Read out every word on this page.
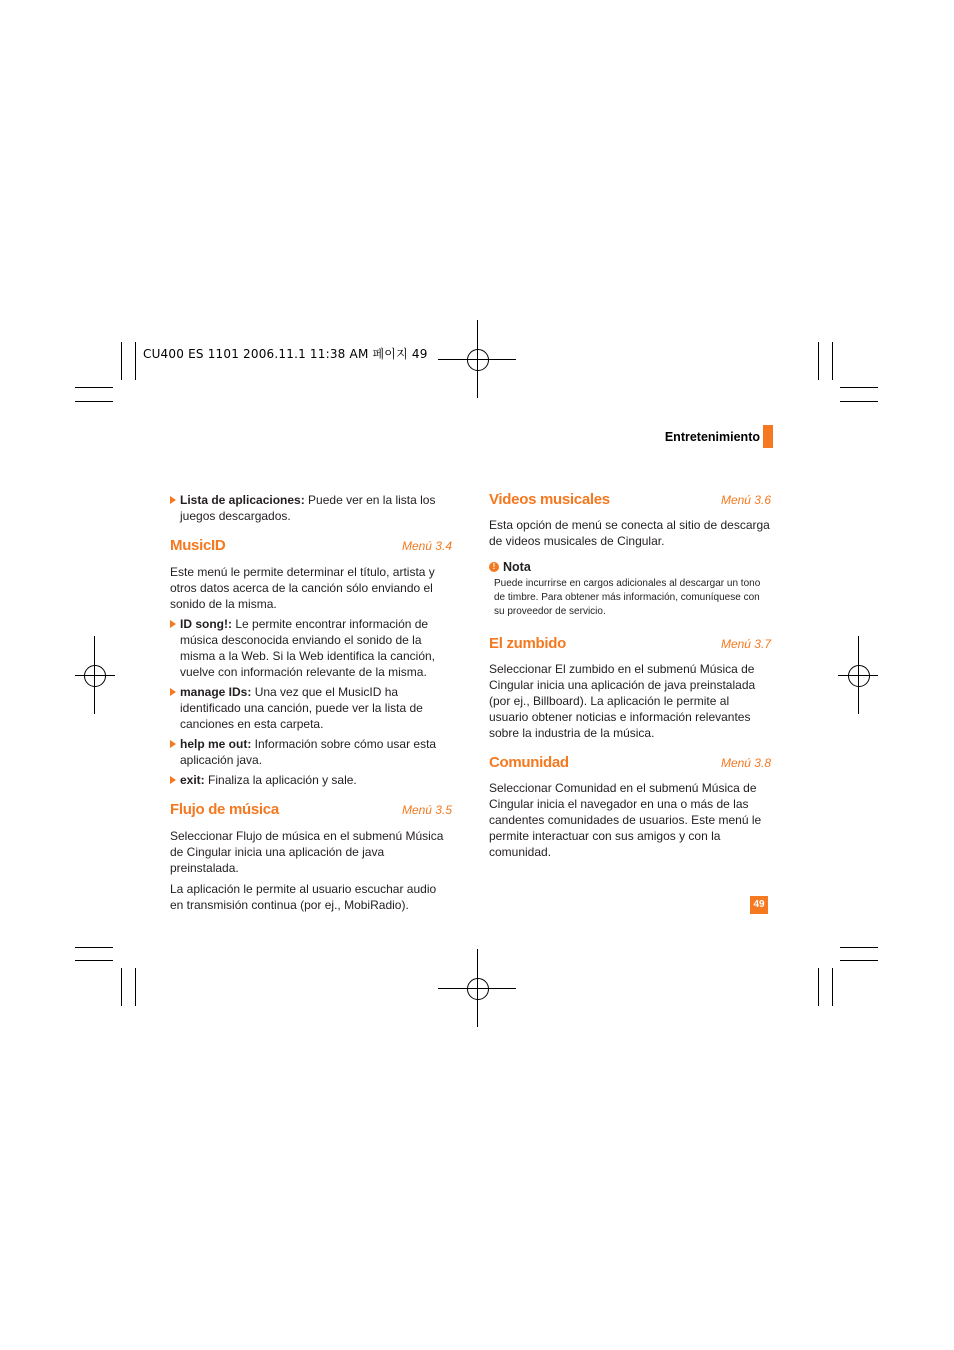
CU400 ES 1101 2006.11.1 11:38 AM 페이지 49
Entretenimiento
Lista de aplicaciones: Puede ver en la lista los juegos descargados.
MusicID	Menú 3.4

Este menú le permite determinar el título, artista y otros datos acerca de la canción sólo enviando el sonido de la misma.

ID song!: Le permite encontrar información de música desconocida enviando el sonido de la misma a la Web. Si la Web identifica la canción, vuelve con información relevante de la misma.
manage IDs: Una vez que el MusicID ha identificado una canción, puede ver la lista de canciones en esta carpeta.
help me out: Información sobre cómo usar esta aplicación java.
exit: Finaliza la aplicación y sale.
Flujo de música	Menú 3.5

Seleccionar Flujo de música en el submenú Música de Cingular inicia una aplicación de java preinstalada.

La aplicación le permite al usuario escuchar audio en transmisión continua (por ej., MobiRadio).

Videos musicales	Menú 3.6

Esta opción de menú se conecta al sitio de descarga de videos musicales de Cingular.

! Nota

Puede incurrirse en cargos adicionales al descargar un tono de timbre. Para obtener más información, comuníquese con su proveedor de servicio.

El zumbido	Menú 3.7

Seleccionar El zumbido en el submenú Música de Cingular inicia una aplicación de java preinstalada (por ej., Billboard). La aplicación le permite al usuario obtener noticias e información relevantes sobre la industria de la música.

Comunidad	Menú 3.8

Seleccionar Comunidad en el submenú Música de Cingular inicia el navegador en una o más de las candentes comunidades de usuarios. Este menú le permite interactuar con sus amigos y con la comunidad.

49
